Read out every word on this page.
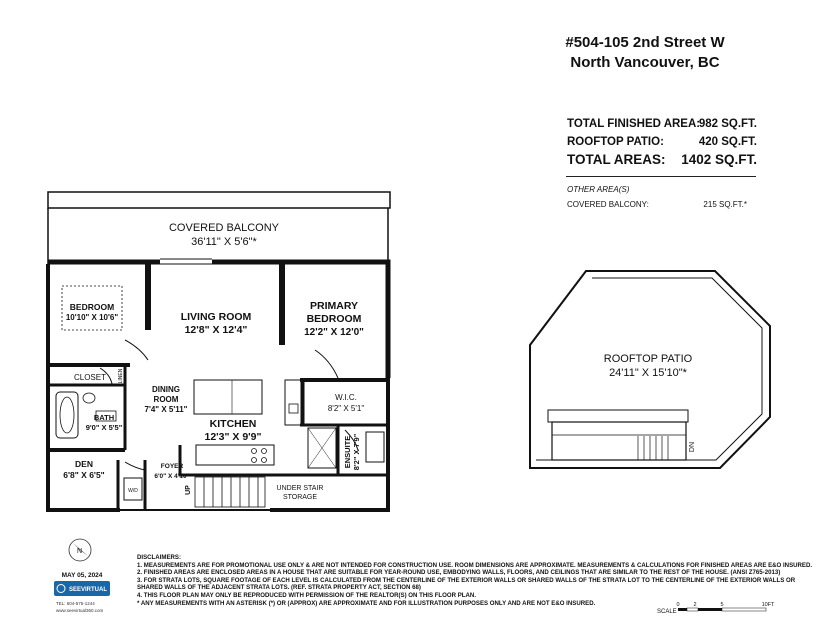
#504-105 2nd Street W
North Vancouver, BC
TOTAL FINISHED AREA:
982 SQ.FT.
ROOFTOP PATIO:	420 SQ.FT.
TOTAL AREAS: 1402 SQ.FT.
OTHER AREA(S)
COVERED BALCONY:	215 SQ.FT.*
COVERED BALCONY
36'11" X 5'6"*
BEDROOM
10'10" X 10'6"	LIVING ROOM
12'8" X 12'4"
PRIMARY
BEDROOM
12'2" X 12'0"
CLOSET LINEN
DINING
ROOM
7'4" X 5'11"
W.I.C.
8'2" X 5'1"
BATH
9'0" X 5'5"	KITCHEN
12'3" X 9'9"	ENSUITE 8'2" X 7'9"
DEN
6'8" X 6'5"
FOYER
6'0" X 4'10"
W/D	UP	UNDER STAIR
STORAGE
ROOFTOP PATIO
24'11" X 15'10"*
DN
N
SEEVIRTUAL
MAY 05, 2024
TEL: 604-575-1244
www.seevirtual360.com	SCALE
0	2	5	10FT
DISCLAIMERS:
1. MEASUREMENTS ARE FOR PROMOTIONAL USE ONLY & ARE NOT INTENDED FOR CONSTRUCTION USE. ROOM DIMENSIONS ARE APPROXIMATE. MEASUREMENTS & CALCULATIONS FOR FINISHED AREAS ARE E&O INSURED.
2. FINISHED AREAS ARE ENCLOSED AREAS IN A HOUSE THAT ARE SUITABLE FOR YEAR-ROUND USE, EMBODYING WALLS, FLOORS, AND CEILINGS THAT ARE SIMILAR TO THE REST OF THE HOUSE. (ANSI Z765-2013)
3. FOR STRATA LOTS, SQUARE FOOTAGE OF EACH LEVEL IS CALCULATED FROM THE CENTERLINE OF THE EXTERIOR WALLS OR SHARED WALLS OF THE STRATA LOT TO THE CENTERLINE OF THE EXTERIOR WALLS OR
SHARED WALLS OF THE ADJACENT STRATA LOTS. (REF. STRATA PROPERTY ACT, SECTION 68)
4. THIS FLOOR PLAN MAY ONLY BE REPRODUCED WITH PERMISSION OF THE REALTOR(S) ON THIS FLOOR PLAN.
* ANY MEASUREMENTS WITH AN ASTERISK (*) OR (APPROX) ARE APPROXIMATE AND FOR ILLUSTRATION PURPOSES ONLY AND ARE NOT E&O INSURED.
